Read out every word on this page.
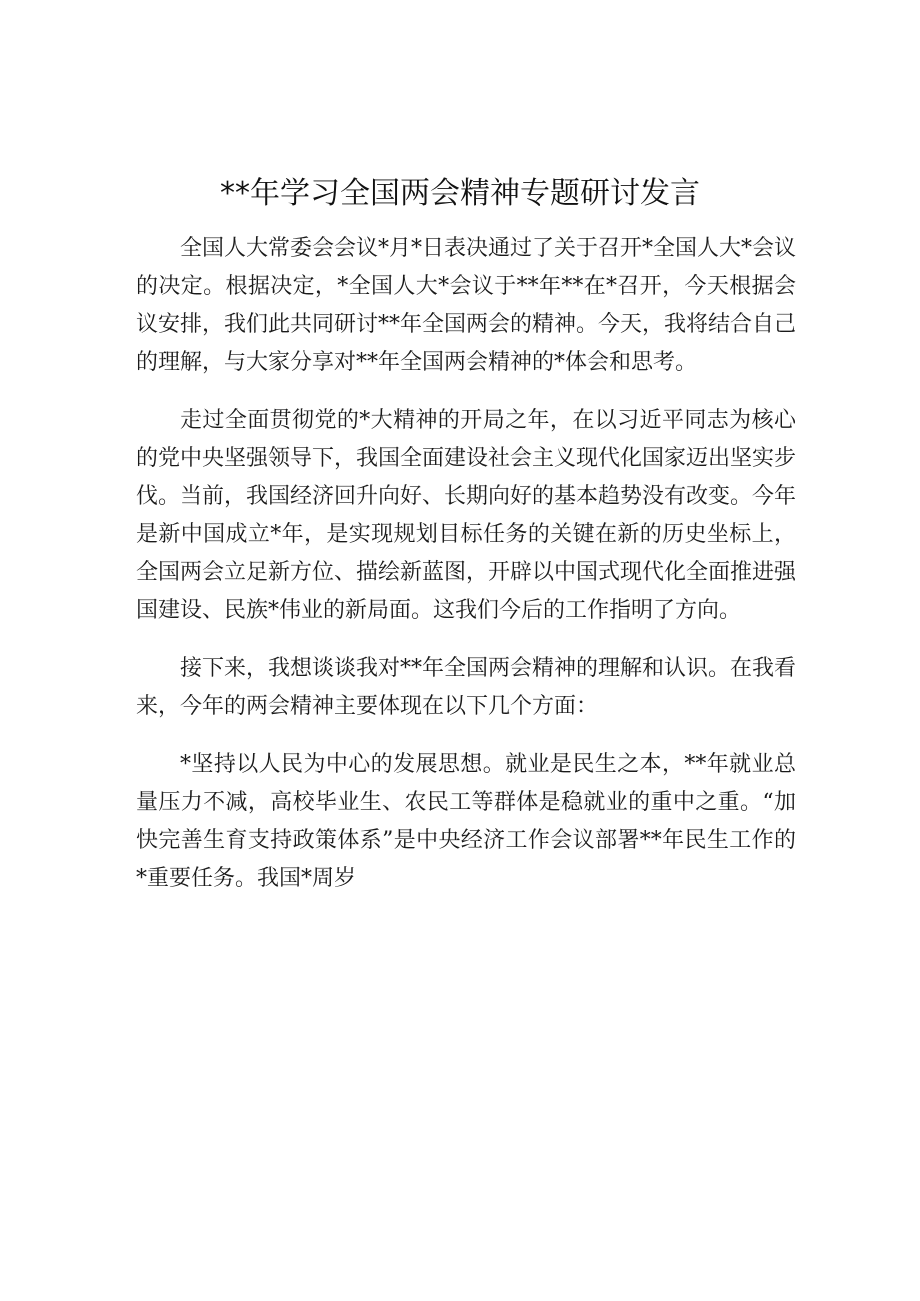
**年学习全国两会精神专题研讨发言

全国人大常委会会议*月*日表决通过了关于召开*全国人大*会议的决定。根据决定，*全国人大*会议于**年**在*召开，今天根据会议安排，我们此共同研讨**年全国两会的精神。今天，我将结合自己的理解，与大家分享对**年全国两会精神的*体会和思考。

走过全面贯彻党的*大精神的开局之年，在以习近平同志为核心的党中央坚强领导下，我国全面建设社会主义现代化国家迈出坚实步伐。当前，我国经济回升向好、长期向好的基本趋势没有改变。今年是新中国成立*年，是实现规划目标任务的关键在新的历史坐标上，全国两会立足新方位、描绘新蓝图，开辟以中国式现代化全面推进强国建设、民族*伟业的新局面。这我们今后的工作指明了方向。

接下来，我想谈谈我对**年全国两会精神的理解和认识。在我看来，今年的两会精神主要体现在以下几个方面：

*坚持以人民为中心的发展思想。就业是民生之本，**年就业总量压力不减，高校毕业生、农民工等群体是稳就业的重中之重。“加快完善生育支持政策体系”是中央经济工作会议部署**年民生工作的*重要任务。我国*周岁
